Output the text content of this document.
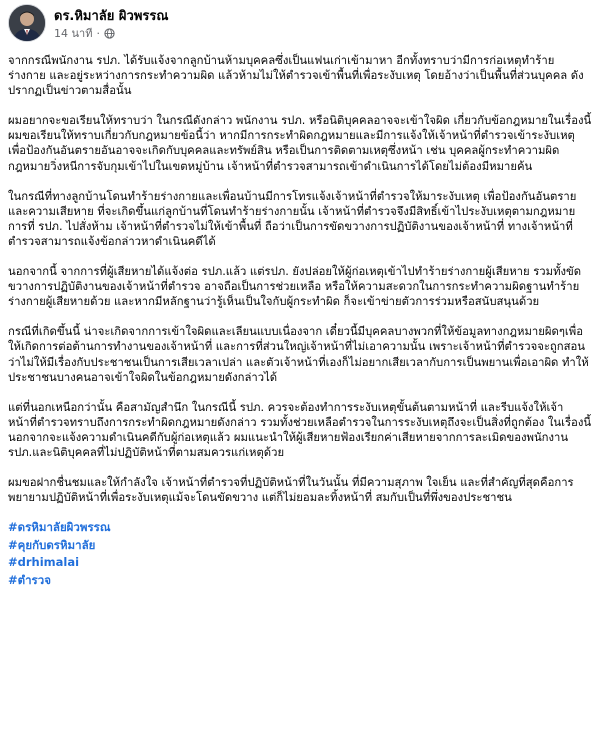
ดร.หิมาลัย ผิวพรรณ
14 นาที ·

จากกรณีพนักงาน รปภ. ได้รับแจ้งจากลูกบ้านห้ามบุคคลซึ่งเป็นแฟนเก่าเข้ามาหา อีกทั้งทราบว่ามีการก่อเหตุทำร้ายร่างกาย และอยู่ระหว่างการกระทำความผิด แล้วห้ามไม่ให้ตำรวจเข้าพื้นที่เพื่อระงับเหตุ โดยอ้างว่าเป็นพื้นที่ส่วนบุคคล ดังปรากฏเป็นข่าวตามสื่อนั้น

ผมอยากจะขอเรียนให้ทราบว่า ในกรณีดังกล่าว พนักงาน รปภ. หรือนิติบุคคลอาจจะเข้าใจผิด เกี่ยวกับข้อกฎหมายในเรื่องนี้ ผมขอเรียนให้ทราบเกี่ยวกับกฎหมายข้อนี้ว่า หากมีการกระทำผิดกฎหมายและมีการแจ้งให้เจ้าหน้าที่ตำรวจเข้าระงับเหตุเพื่อป้องกันอันตรายอันอาจจะเกิดกับบุคคลและทรัพย์สิน หรือเป็นการติดตามเหตุซึ่งหน้า เช่น บุคคลผู้กระทำความผิดกฎหมายวิ่งหนีการจับกุมเข้าไปในเขตหมู่บ้าน เจ้าหน้าที่ตำรวจสามารถเข้าดำเนินการได้โดยไม่ต้องมีหมายค้น

ในกรณีที่ทางลูกบ้านโดนทำร้ายร่างกายและเพื่อนบ้านมีการโทรแจ้งเจ้าหน้าที่ตำรวจให้มาระงับเหตุ เพื่อป้องกันอันตรายและความเสียหาย ที่จะเกิดขึ้นแก่ลูกบ้านที่โดนทำร้ายร่างกายนั้น เจ้าหน้าที่ตำรวจจึงมีสิทธิ์เข้าไประงับเหตุตามกฎหมาย การที่ รปภ. ไปสั่งห้าม เจ้าหน้าที่ตำรวจไม่ให้เข้าพื้นที่ ถือว่าเป็นการขัดขวางการปฏิบัติงานของเจ้าหน้าที่ ทางเจ้าหน้าที่ตำรวจสามารถแจ้งข้อกล่าวหาดำเนินคดีได้

นอกจากนี้ จากการที่ผู้เสียหายได้แจ้งต่อ รปภ.แล้ว แต่รปภ. ยังปล่อยให้ผู้ก่อเหตุเข้าไปทำร้ายร่างกายผู้เสียหาย รวมทั้งขัดขวางการปฏิบัติงานของเจ้าหน้าที่ตำรวจ อาจถือเป็นการช่วยเหลือ หรือให้ความสะดวกในการกระทำความผิดฐานทำร้ายร่างกายผู้เสียหายด้วย และหากมีหลักฐานว่ารู้เห็นเป็นใจกับผู้กระทำผิด ก็จะเข้าข่ายตัวการร่วมหรือสนับสนุนด้วย

กรณีที่เกิดขึ้นนี้ น่าจะเกิดจากการเข้าใจผิดและเลียนแบบเนื่องจาก เดี๋ยวนี้มีบุคคลบางพวกที่ให้ข้อมูลทางกฎหมายผิดๆเพื่อให้เกิดการต่อต้านการทำงานของเจ้าหน้าที่ และการที่ส่วนใหญ่เจ้าหน้าที่ไม่เอาความนั้น เพราะเจ้าหน้าที่ตำรวจจะถูกสอนว่าไม่ให้มีเรื่องกับประชาชนเป็นการเสียเวลาเปล่า และตัวเจ้าหน้าที่เองก็ไม่อยากเสียเวลากับการเป็นพยานเพื่อเอาผิด ทำให้ประชาชนบางคนอาจเข้าใจผิดในข้อกฎหมายดังกล่าวได้

แต่ที่นอกเหนือกว่านั้น คือสามัญสำนึก ในกรณีนี้ รปภ. ควรจะต้องทำการระงับเหตุขั้นต้นตามหน้าที่ และรีบแจ้งให้เจ้าหน้าที่ตำรวจทราบถึงการกระทำผิดกฎหมายดังกล่าว รวมทั้งช่วยเหลือตำรวจในการระงับเหตุถึงจะเป็นสิ่งที่ถูกต้อง ในเรื่องนี้นอกจากจะแจ้งความดำเนินคดีกับผู้ก่อเหตุแล้ว ผมแนะนำให้ผู้เสียหายฟ้องเรียกค่าเสียหายจากการละเมิดของพนักงาน รปภ.และนิติบุคคลที่ไม่ปฏิบัติหน้าที่ตามสมควรแก่เหตุด้วย

ผมขอฝากชื่นชมและให้กำลังใจ เจ้าหน้าที่ตำรวจที่ปฏิบัติหน้าที่ในวันนั้น ที่มีความสุภาพ ใจเย็น และที่สำคัญที่สุดคือการพยายามปฏิบัติหน้าที่เพื่อระงับเหตุแม้จะโดนขัดขวาง แต่ก็ไม่ยอมละทิ้งหน้าที่ สมกับเป็นที่พึ่งของประชาชน

#ดรหิมาลัยผิวพรรณ
#คุยกับดรหิมาลัย
#drhimalai
#ตำรวจ
